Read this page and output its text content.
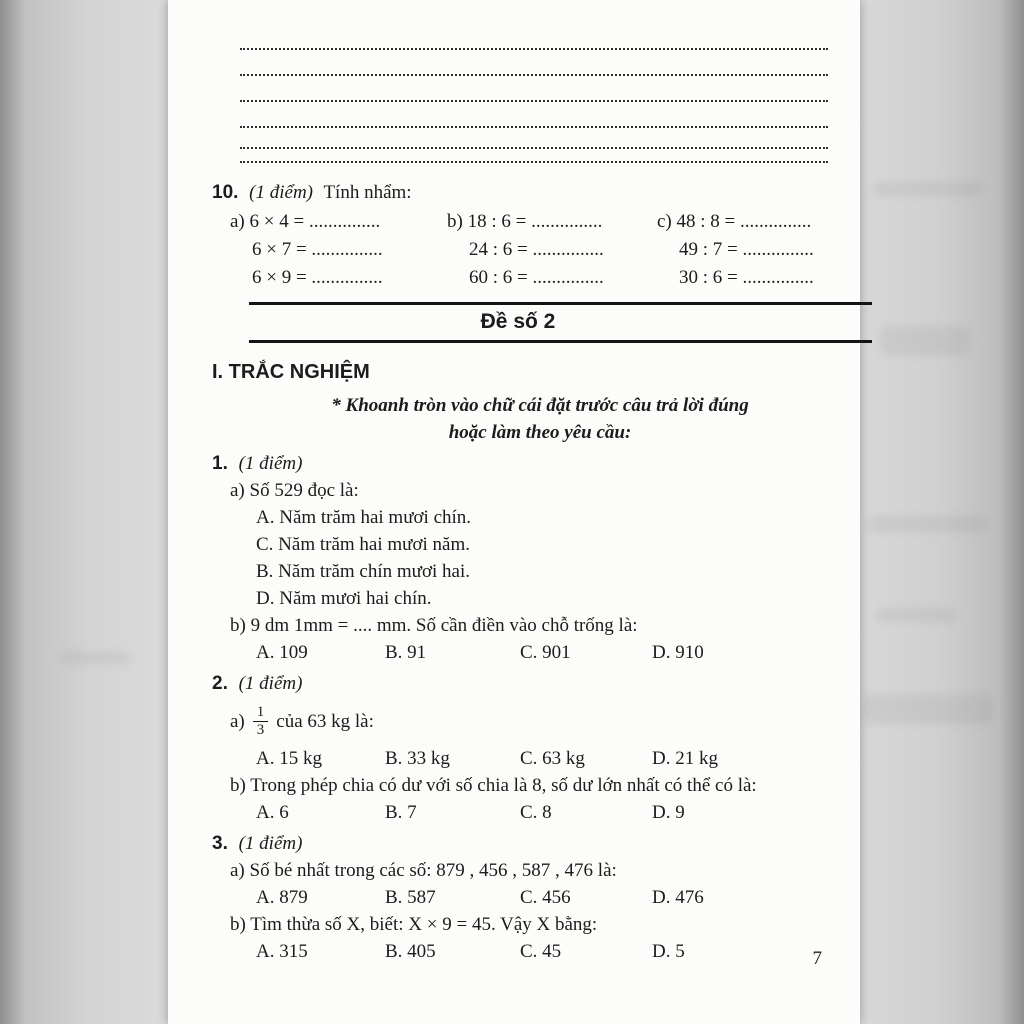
10. (1 điểm) Tính nhẩm:
a) 6 × 4 = ...............	b) 18 : 6 = ...............	c) 48 : 8 = ...............
6 × 7 = ...............	24 : 6 = ...............	49 : 7 = ...............
6 × 9 = ...............	60 : 6 = ...............	30 : 6 = ...............
Đề số 2
I. TRẮC NGHIỆM
* Khoanh tròn vào chữ cái đặt trước câu trả lời đúng
hoặc làm theo yêu cầu:
1. (1 điểm)
a) Số 529 đọc là:
A. Năm trăm hai mươi chín.
C. Năm trăm hai mươi năm.
B. Năm trăm chín mươi hai.
D. Năm mươi hai chín.
b) 9 dm 1mm = .... mm. Số cần điền vào chỗ trống là:
A. 109	B. 91	C. 901	D. 910
2. (1 điểm)
$a) \frac{1}{3}$ của 63 kg là:
A. 15 kg	B. 33 kg	C. 63 kg	D. 21 kg
b) Trong phép chia có dư với số chia là 8, số dư lớn nhất có thể có là:
A. 6	B. 7	C. 8	D. 9
3. (1 điểm)
a) Số bé nhất trong các số: 879 , 456 , 587 , 476 là:
A. 879	B. 587	C. 456	D. 476
b) Tìm thừa số X, biết: X × 9 = 45. Vậy X bằng:
A. 315	B. 405	C. 45	D. 5	7
